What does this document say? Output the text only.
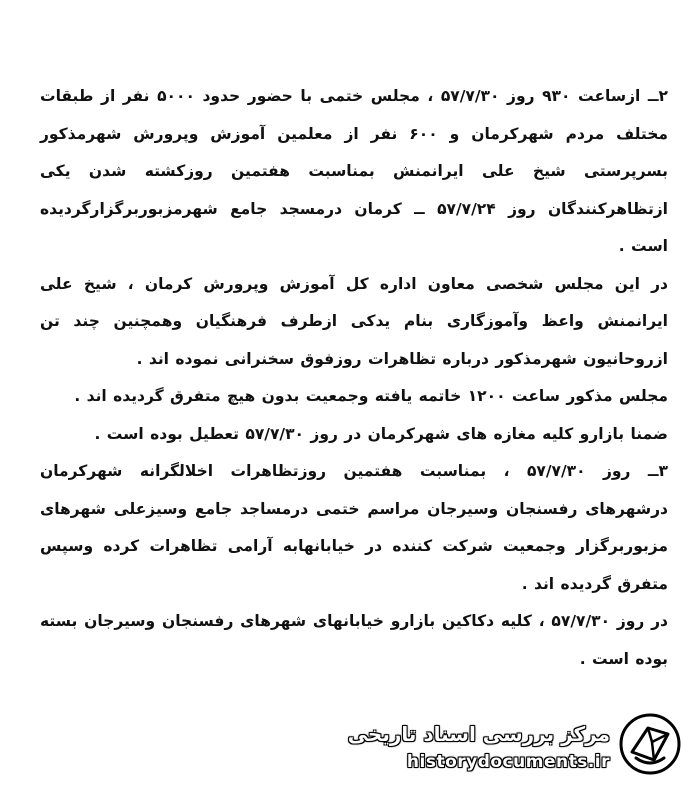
۲ــ ازساعت ۹۳۰ روز ۵۷/۷/۳۰ ، مجلس ختمی با حضور حدود ۵۰۰۰ نفر از طبقات مختلف مردم شهرکرمان و ۶۰۰ نفر از معلمین آموزش وپرورش شهرمذکور بسرپرستی شیخ علی ایرانمنش بمناسبت هفتمین روزکشته شدن یکی ازتظاهرکنندگان روز ۵۷/۷/۲۴ ــ کرمان درمسجد جامع شهرمزبوربرگزارگردیده است .

در این مجلس شخصی معاون اداره کل آموزش وپرورش کرمان ، شیخ علی ایرانمنش واعظ وآموزگاری بنام یدکی ازطرف فرهنگیان وهمچنین چند تن ازروحانیون شهرمذکور درباره تظاهرات روزفوق سخنرانی نموده اند .

مجلس مذکور ساعت ۱۲۰۰ خاتمه یافته وجمعیت بدون هیچ متفرق گردیده اند .

ضمنا بازارو کلیه مغازه های شهرکرمان در روز ۵۷/۷/۳۰ تعطیل بوده است .

۳ــ روز ۵۷/۷/۳۰ ، بمناسبت هفتمین روزتظاهرات اخلالگرانه شهرکرمان درشهرهای رفسنجان وسیرجان مراسم ختمی درمساجد جامع وسیزعلی شهرهای مزبوربرگزار وجمعیت شرکت کننده در خیابانهابه آرامی تظاهرات کرده وسپس متفرق گردیده اند .

در روز ۵۷/۷/۳۰ ، کلیه دکاکین بازارو خیابانهای شهرهای رفسنجان وسیرجان بسته بوده است .

مرکز بررسی اسناد تاریخی
historydocuments.ir
